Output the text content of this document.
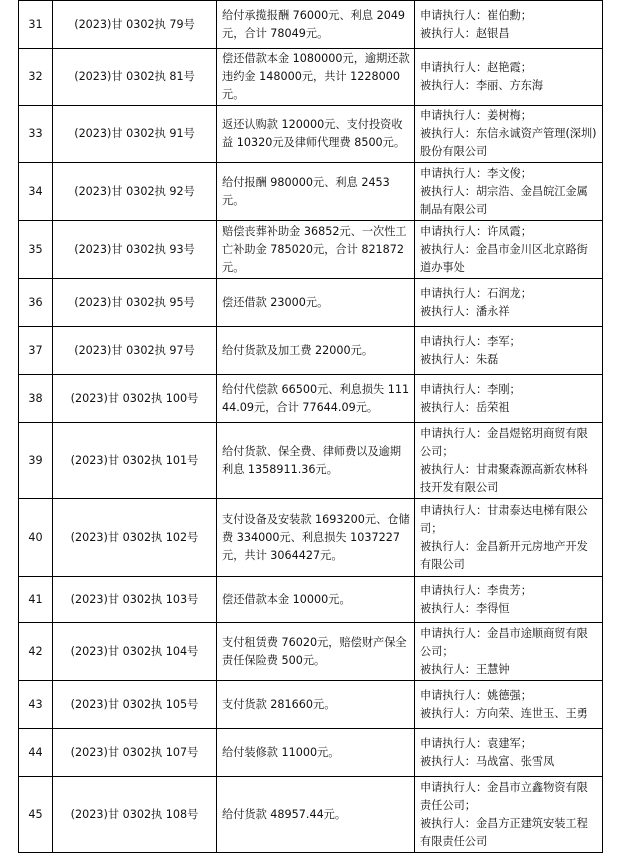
31	(2023)甘 0302执 79号	给付承揽报酬 76000元、利息 2049元，合计 78049元。	申请执行人：崔伯勳；
被执行人：赵银昌

32	(2023)甘 0302执 81号	偿还借款本金 1080000元，逾期还款违约金 148000元，共计 1228000元。	申请执行人：赵艳霞；
被执行人：李丽、方东海

33	(2023)甘 0302执 91号	返还认购款 120000元、支付投资收益 10320元及律师代理费 8500元。	申请执行人：姜树梅；
被执行人：东信永诚资产管理(深圳)股份有限公司

34	(2023)甘 0302执 92号	给付报酬 980000元、利息 2453元。	申请执行人：李文俊；
被执行人：胡宗浩、金昌皖江金属制品有限公司

35	(2023)甘 0302执 93号	赔偿丧葬补助金 36852元、一次性工亡补助金 785020元，合计 821872元。	申请执行人：许凤霞；
被执行人：金昌市金川区北京路街道办事处

36	(2023)甘 0302执 95号	偿还借款 23000元。	申请执行人：石润龙；
被执行人：潘永祥

37	(2023)甘 0302执 97号	给付货款及加工费 22000元。	申请执行人：李军；
被执行人：朱磊

38	(2023)甘 0302执 100号	给付代偿款 66500元、利息损失 11144.09元，合计 77644.09元。	申请执行人：李刚；
被执行人：岳荣祖

39	(2023)甘 0302执 101号	给付货款、保全费、律师费以及逾期利息 1358911.36元。	申请执行人：金昌煜铭玥商贸有限公司；
被执行人：甘肃聚森源高新农林科技开发有限公司

40	(2023)甘 0302执 102号	支付设备及安装款 1693200元、仓储费 334000元、利息损失 1037227元，共计 3064427元。	申请执行人：甘肃泰达电梯有限公司；
被执行人：金昌新开元房地产开发有限公司

41	(2023)甘 0302执 103号	偿还借款本金 10000元。	申请执行人：李贵芳；
被执行人：李得恒

42	(2023)甘 0302执 104号	支付租赁费 76020元，赔偿财产保全责任保险费 500元。	申请执行人：金昌市途顺商贸有限公司；
被执行人：王慧钟

43	(2023)甘 0302执 105号	支付货款 281660元。	申请执行人：姚德强；
被执行人：方向荣、连世玉、王勇

44	(2023)甘 0302执 107号	给付装修款 11000元。	申请执行人：袁建军；
被执行人：马战富、张雪凤

45	(2023)甘 0302执 108号	给付货款 48957.44元。	申请执行人：金昌市立鑫物资有限责任公司；
被执行人：金昌方正建筑安装工程有限责任公司
